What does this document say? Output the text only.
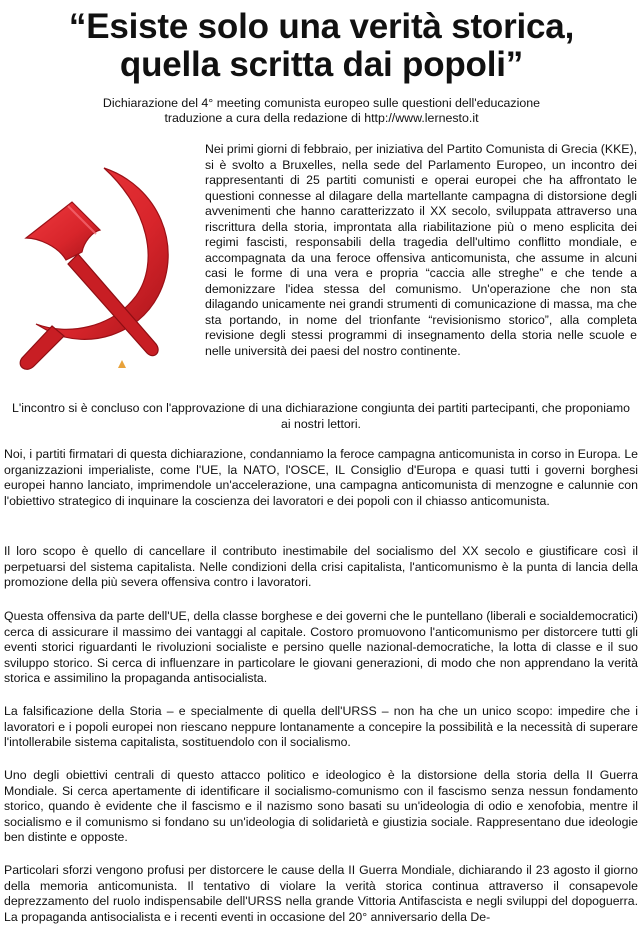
“Esiste solo una verità storica,
quella scritta dai popoli”
Dichiarazione del 4° meeting comunista europeo sulle questioni dell'educazione
traduzione a cura della redazione di http://www.lernesto.it
Nei primi giorni di febbraio, per iniziativa del Partito Comunista di Grecia (KKE), si è svolto a Bruxelles, nella sede del Parlamento Europeo, un incontro dei rappresentanti di 25 partiti comunisti e operai europei che ha affrontato le questioni connesse al dilagare della martellante campagna di distorsione degli avvenimenti che hanno caratterizzato il XX secolo, sviluppata attraverso una riscrittura della storia, improntata alla riabilitazione più o meno esplicita dei regimi fascisti, responsabili della tragedia dell'ultimo conflitto mondiale, e accompagnata da una feroce offensiva anticomunista, che assume in alcuni casi le forme di una vera e propria “caccia alle streghe” e che tende a demonizzare l'idea stessa del comunismo. Un'operazione che non sta dilagando unicamente nei grandi strumenti di comunicazione di massa, ma che sta portando, in nome del trionfante “revisionismo storico”, alla completa revisione degli stessi programmi di insegnamento della storia nelle scuole e nelle università dei paesi del nostro continente.
L'incontro si è concluso con l'approvazione di una dichiarazione congiunta dei partiti partecipanti, che proponiamo ai nostri lettori.

Noi, i partiti firmatari di questa dichiarazione, condanniamo la feroce campagna anticomunista in corso in Europa. Le organizzazioni imperialiste, come l'UE, la NATO, l'OSCE, IL Consiglio d'Europa e quasi tutti i governi borghesi europei hanno lanciato, imprimendole un'accelerazione, una campagna anticomunista di menzogne e calunnie con l'obiettivo strategico di inquinare la coscienza dei lavoratori e dei popoli con il chiasso anticomunista.

Il loro scopo è quello di cancellare il contributo inestimabile del socialismo del XX secolo e giustificare così il perpetuarsi del sistema capitalista. Nelle condizioni della crisi capitalista, l'anticomunismo è la punta di lancia della promozione della più severa offensiva contro i lavoratori.

Questa offensiva da parte dell'UE, della classe borghese e dei governi che le puntellano (liberali e socialdemocratici) cerca di assicurare il massimo dei vantaggi al capitale. Costoro promuovono l'anticomunismo per distorcere tutti gli eventi storici riguardanti le rivoluzioni socialiste e persino quelle nazional-democratiche, la lotta di classe e il suo sviluppo storico. Si cerca di influenzare in particolare le giovani generazioni, di modo che non apprendano la verità storica e assimilino la propaganda antisocialista.

La falsificazione della Storia – e specialmente di quella dell'URSS – non ha che un unico scopo: impedire che i lavoratori e i popoli europei non riescano neppure lontanamente a concepire la possibilità e la necessità di superare l'intollerabile sistema capitalista, sostituendolo con il socialismo.

Uno degli obiettivi centrali di questo attacco politico e ideologico è la distorsione della storia della II Guerra Mondiale. Si cerca apertamente di identificare il socialismo-comunismo con il fascismo senza nessun fondamento storico, quando è evidente che il fascismo e il nazismo sono basati su un'ideologia di odio e xenofobia, mentre il socialismo e il comunismo si fondano su un'ideologia di solidarietà e giustizia sociale. Rappresentano due ideologie ben distinte e opposte.

Particolari sforzi vengono profusi per distorcere le cause della II Guerra Mondiale, dichiarando il 23 agosto il giorno della memoria anticomunista. Il tentativo di violare la verità storica continua attraverso il consapevole deprezzamento del ruolo indispensabile dell'URSS nella grande Vittoria Antifascista e negli sviluppi del dopoguerra. La propaganda antisocialista e i recenti eventi in occasione del 20° anniversario della De-
